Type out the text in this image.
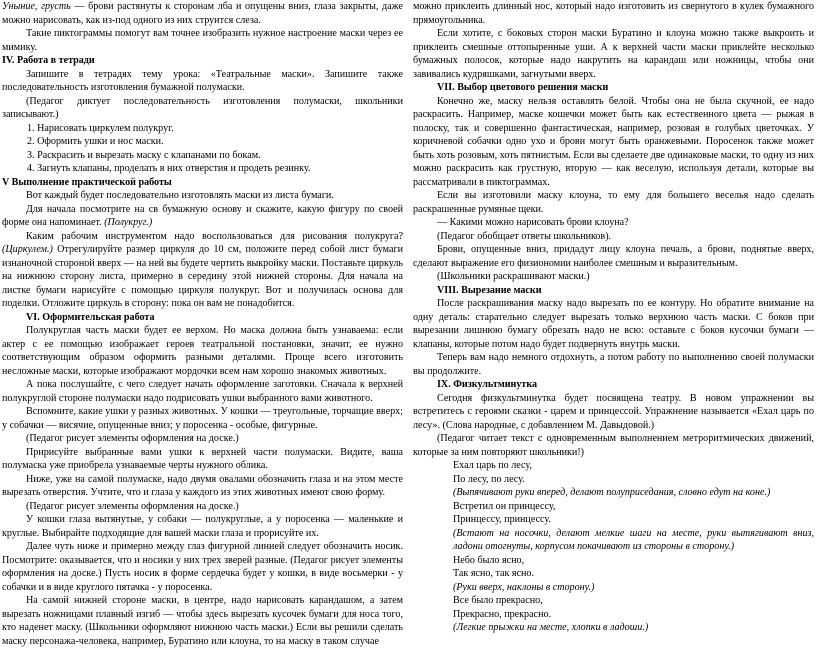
Уныние, грусть — брови растянуты к сторонам лба и опущены вниз, глаза закрыты, даже можно нарисовать, как из-под одного из них струится слеза.

Такие пиктограммы помогут вам точнее изобразить нужное настроение маски через ее мимику.

IV. Работа в тетради

Запишите в тетрадях тему урока: «Театральные маски». Запишите также последовательность изготовления бумажной полумаски.

(Педагог диктует последовательность изготовления полумаски, школьники записывают.)

1. Нарисовать циркулем полукруг.

2. Оформить ушки и нос маски.

3. Раскрасить и вырезать маску с клапанами по бокам.

4. Загнуть клапаны, проделать в них отверстия и продеть резинку.

V Выполнение практической работы

Вот каждый будет последовательно изготовлять маски из листа бумаги.

Для начала посмотрите на св бумажную основу и скажите, какую фигуру по своей форме она напоминает. (Полукруг.)

Каким рабочим инструментом надо воспользоваться для рисования полукруга? (Циркулем.) Отрегулируйте размер циркуля до 10 см, положите перед собой лист бумаги изнаночной стороной вверх — на ней вы будете чертить выкройку маски. Поставьте циркуль на нижнюю сторону листа, примерно в середину этой нижней стороны. Для начала на листке бумаги нарисуйте с помощью циркуля полукруг. Вот и получилась основа для поделки. Отложите циркуль в сторону: пока он вам не понадобится.

VI. Оформительская работа

Полукруглая часть маски будет ее верхом. Но маска должна быть узнаваема: если актер с ее помощью изображает героев театральной постановки, значит, ее нужно соответствующим образом оформить разными деталями. Проще всего изготовить несложные маски, которые изображают мордочки всем нам хорошо знакомых животных.

А пока послушайте, с чего следует начать оформление заготовки. Сначала к верхней полукруглой стороне полумаски надо подрисовать ушки выбранного вами животного.

Вспомните, какие ушки у разных животных. У кошки — треугольные, торчащие вверх; у собачки — висячие, опущенные вниз; у поросенка - особые, фигурные.

(Педагог рисует элементы оформления на доске.)

Пририсуйте выбранные вами ушки к верхней части полумаски. Видите, ваша полумаска уже приобрела узнаваемые черты нужного облика.

Ниже, уже на самой полумаске, надо двумя овалами обозначить глаза и на этом месте вырезать отверстия. Учтите, что и глаза у каждого из этих животных имеют свою форму.

(Педагог рисует элементы оформления на доске.)

У кошки глаза вытянутые, у собаки — полукруглые, а у поросенка — маленькие и круглые. Выбирайте подходящие для вашей маски глаза и прорисуйте их.

Далее чуть ниже и примерно между глаз фигурной линией следует обозначить носик. Посмотрите: оказывается, что и носики у них трех зверей разные. (Педагог рисует элементы оформления на доске.) Пусть носик в форме сердечка будет у кошки, в виде восьмерки - у собачки и в виде круглого пятачка - у поросенка.

На самой нижней стороне маски, в центре, надо нарисовать карандашом, а затем вырезать ножницами плавный изгиб — чтобы здесь вырезать кусочек бумаги для носа того, кто наденет маску. (Школьники оформляют нижнюю часть маски.) Если вы решили сделать маску персонажа-человека, например, Буратино или клоуна, то на маску в таком случае

можно приклеить длинный нос, который надо изготовить из свернутого в кулек бумажного прямоугольника.

Если хотите, с боковых сторон маски Буратино и клоуна можно также выкроить и приклеить смешные оттопыренные уши. А к верхней части маски приклейте несколько бумажных полосок, которые надо накрутить на карандаш или ножницы, чтобы они завивались кудряшками, загнутыми вверх.

VII. Выбор цветового решения маски

Конечно же, маску нельзя оставлять белой. Чтобы она не была скучной, ее надо раскрасить. Например, маске кошечки может быть как естественного цвета — рыжая в полоску, так и совершенно фантастическая, например, розовая в голубых цветочках. У коричневой собачки одно ухо и брови могут быть оранжевыми. Поросенок также может быть хоть розовым, хоть пятнистым. Если вы сделаете две одинаковые маски, то одну из них можно раскрасить как грустную, вторую — как веселую, используя детали, которые вы рассматривали в пиктограммах.

Если вы изготовили маску клоуна, то ему для большего веселья надо сделать раскрашенные румяные щеки.

— Какими можно нарисовать брови клоуна?

(Педагог обобщает ответы школьников).

Брови, опущенные вниз, придадут лицу клоуна печаль, а брови, поднятые вверх, сделают выражение его физиономии наиболее смешным и выразительным.

(Школьники раскрашивают маски.)

VIII. Вырезание маски

После раскрашивания маску надо вырезать по ее контуру. Но обратите внимание на одну деталь: старательно следует вырезать только верхнюю часть маски. С боков при вырезании лишнюю бумагу обрезать надо не всю: оставьте с боков кусочки бумаги — клапаны, которые потом надо будет подвернуть внутрь маски.

Теперь вам надо немного отдохнуть, а потом работу по выполнению своей полумаски вы продолжите.

IX. Физкультминутка

Сегодня физкультминутка будет посвящена театру. В новом упражнении вы встретитесь с героями сказки - царем и принцессой. Упражнение называется «Ехал царь по лесу». (Слова народные, с добавлением М. Давыдовой.)

(Педагог читает текст с одновременным выполнением метроритмических движений, которые за ним повторяют школьники!)

Ехал царь по лесу,

По лесу, по лесу.

(Выпячивают руки вперед, делают полуприседания, словно едут на коне.)

Встретил он принцессу,

Принцессу, принцессу.

(Встают на носочки, делают мелкие шаги на месте, руки вытягивают вниз, ладони отогнуты, корпусом покачивают из стороны в сторону.)

Небо было ясно,

Так ясно, так ясно.

(Руки вверх, наклоны в сторону.)

Все было прекрасно,

Прекрасно, прекрасно.

(Легкие прыжки на месте, хлопки в ладоши.)
